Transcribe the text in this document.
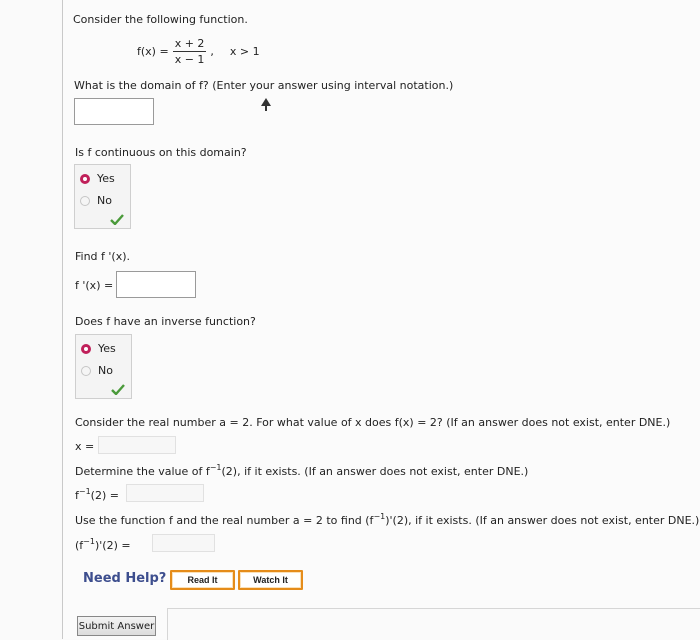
Consider the following function.
$f(x) = \frac{x + 2}{x - 1}$ , x > 1
What is the domain of f? (Enter your answer using interval notation.)
Is f continuous on this domain?
Yes
No
Find f '(x).
f '(x) =
Does f have an inverse function?
Yes
No
Consider the real number a = 2. For what value of x does f(x) = 2? (If an answer does not exist, enter DNE.)
x =
Determine the value of $f^{-1}(2)$, if it exists. (If an answer does not exist, enter DNE.)
$f^{-1}(2)$ =
Use the function f and the real number a = 2 to find $(f^{-1})'(2)$, if it exists. (If an answer does not exist, enter DNE.)
$(f^{-1})'(2)$ =
Need Help?	Read It	Watch It
Submit Answer
